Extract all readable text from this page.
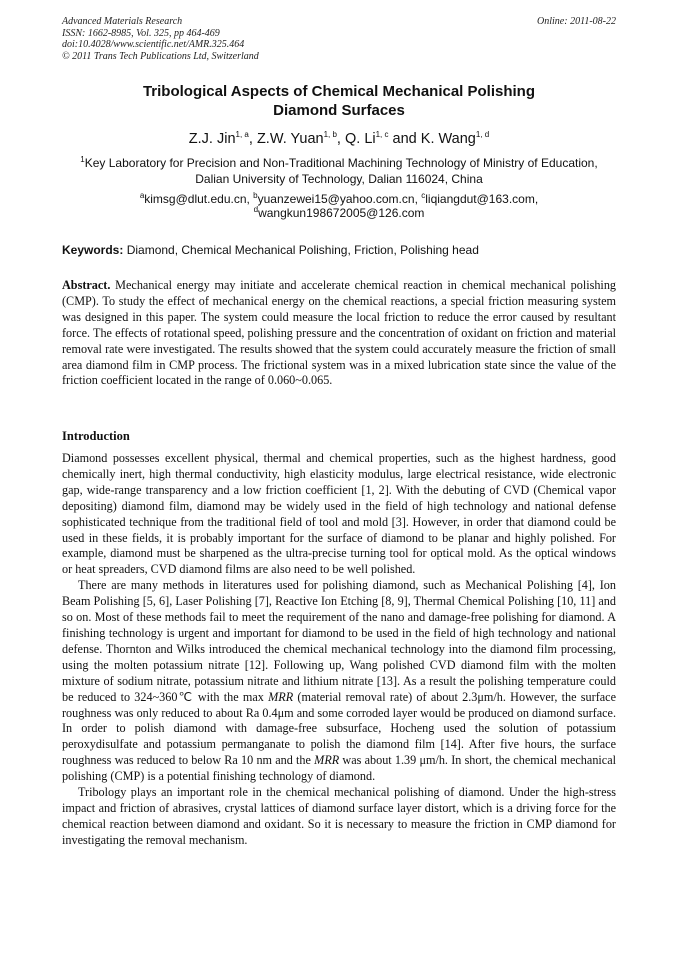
Advanced Materials Research
ISSN: 1662-8985, Vol. 325, pp 464-469
doi:10.4028/www.scientific.net/AMR.325.464
© 2011 Trans Tech Publications Ltd, Switzerland
Online: 2011-08-22
Tribological Aspects of Chemical Mechanical Polishing
Diamond Surfaces
Z.J. Jin$^{1, a}$, Z.W. Yuan$^{1, b}$, Q. Li$^{1, c}$ and K. Wang$^{1, d}$
$^1$Key Laboratory for Precision and Non-Traditional Machining Technology of Ministry of Education,
Dalian University of Technology, Dalian 116024, China
$^a$kimsg@dlut.edu.cn, $^b$yuanzewei15@yahoo.com.cn, $^c$liqiangdut@163.com,
$^d$wangkun198672005@126.com
Keywords: Diamond, Chemical Mechanical Polishing, Friction, Polishing head
Abstract. Mechanical energy may initiate and accelerate chemical reaction in chemical mechanical polishing (CMP). To study the effect of mechanical energy on the chemical reactions, a special friction measuring system was designed in this paper. The system could measure the local friction to reduce the error caused by resultant force. The effects of rotational speed, polishing pressure and the concentration of oxidant on friction and material removal rate were investigated. The results showed that the system could accurately measure the friction of small area diamond film in CMP process. The frictional system was in a mixed lubrication state since the value of the friction coefficient located in the range of 0.060~0.065.
Introduction

Diamond possesses excellent physical, thermal and chemical properties, such as the highest hardness, good chemically inert, high thermal conductivity, high elasticity modulus, large electrical resistance, wide electronic gap, wide-range transparency and a low friction coefficient [1, 2]. With the debuting of CVD (Chemical vapor depositing) diamond film, diamond may be widely used in the field of high technology and national defense sophisticated technique from the traditional field of tool and mold [3]. However, in order that diamond could be used in these fields, it is probably important for the surface of diamond to be planar and highly polished. For example, diamond must be sharpened as the ultra-precise turning tool for optical mold. As the optical windows or heat spreaders, CVD diamond films are also need to be well polished.

There are many methods in literatures used for polishing diamond, such as Mechanical Polishing [4], Ion Beam Polishing [5, 6], Laser Polishing [7], Reactive Ion Etching [8, 9], Thermal Chemical Polishing [10, 11] and so on. Most of these methods fail to meet the requirement of the nano and damage-free polishing for diamond. A finishing technology is urgent and important for diamond to be used in the field of high technology and national defense. Thornton and Wilks introduced the chemical mechanical technology into the diamond film processing, using the molten potassium nitrate [12]. Following up, Wang polished CVD diamond film with the molten mixture of sodium nitrate, potassium nitrate and lithium nitrate [13]. As a result the polishing temperature could be reduced to 324~360℃ with the max MRR (material removal rate) of about 2.3μm/h. However, the surface roughness was only reduced to about Ra 0.4μm and some corroded layer would be produced on diamond surface. In order to polish diamond with damage-free subsurface, Hocheng used the solution of potassium peroxydisulfate and potassium permanganate to polish the diamond film [14]. After five hours, the surface roughness was reduced to below Ra 10 nm and the MRR was about 1.39 μm/h. In short, the chemical mechanical polishing (CMP) is a potential finishing technology of diamond.

Tribology plays an important role in the chemical mechanical polishing of diamond. Under the high-stress impact and friction of abrasives, crystal lattices of diamond surface layer distort, which is a driving force for the chemical reaction between diamond and oxidant. So it is necessary to measure the friction in CMP diamond for investigating the removal mechanism.
